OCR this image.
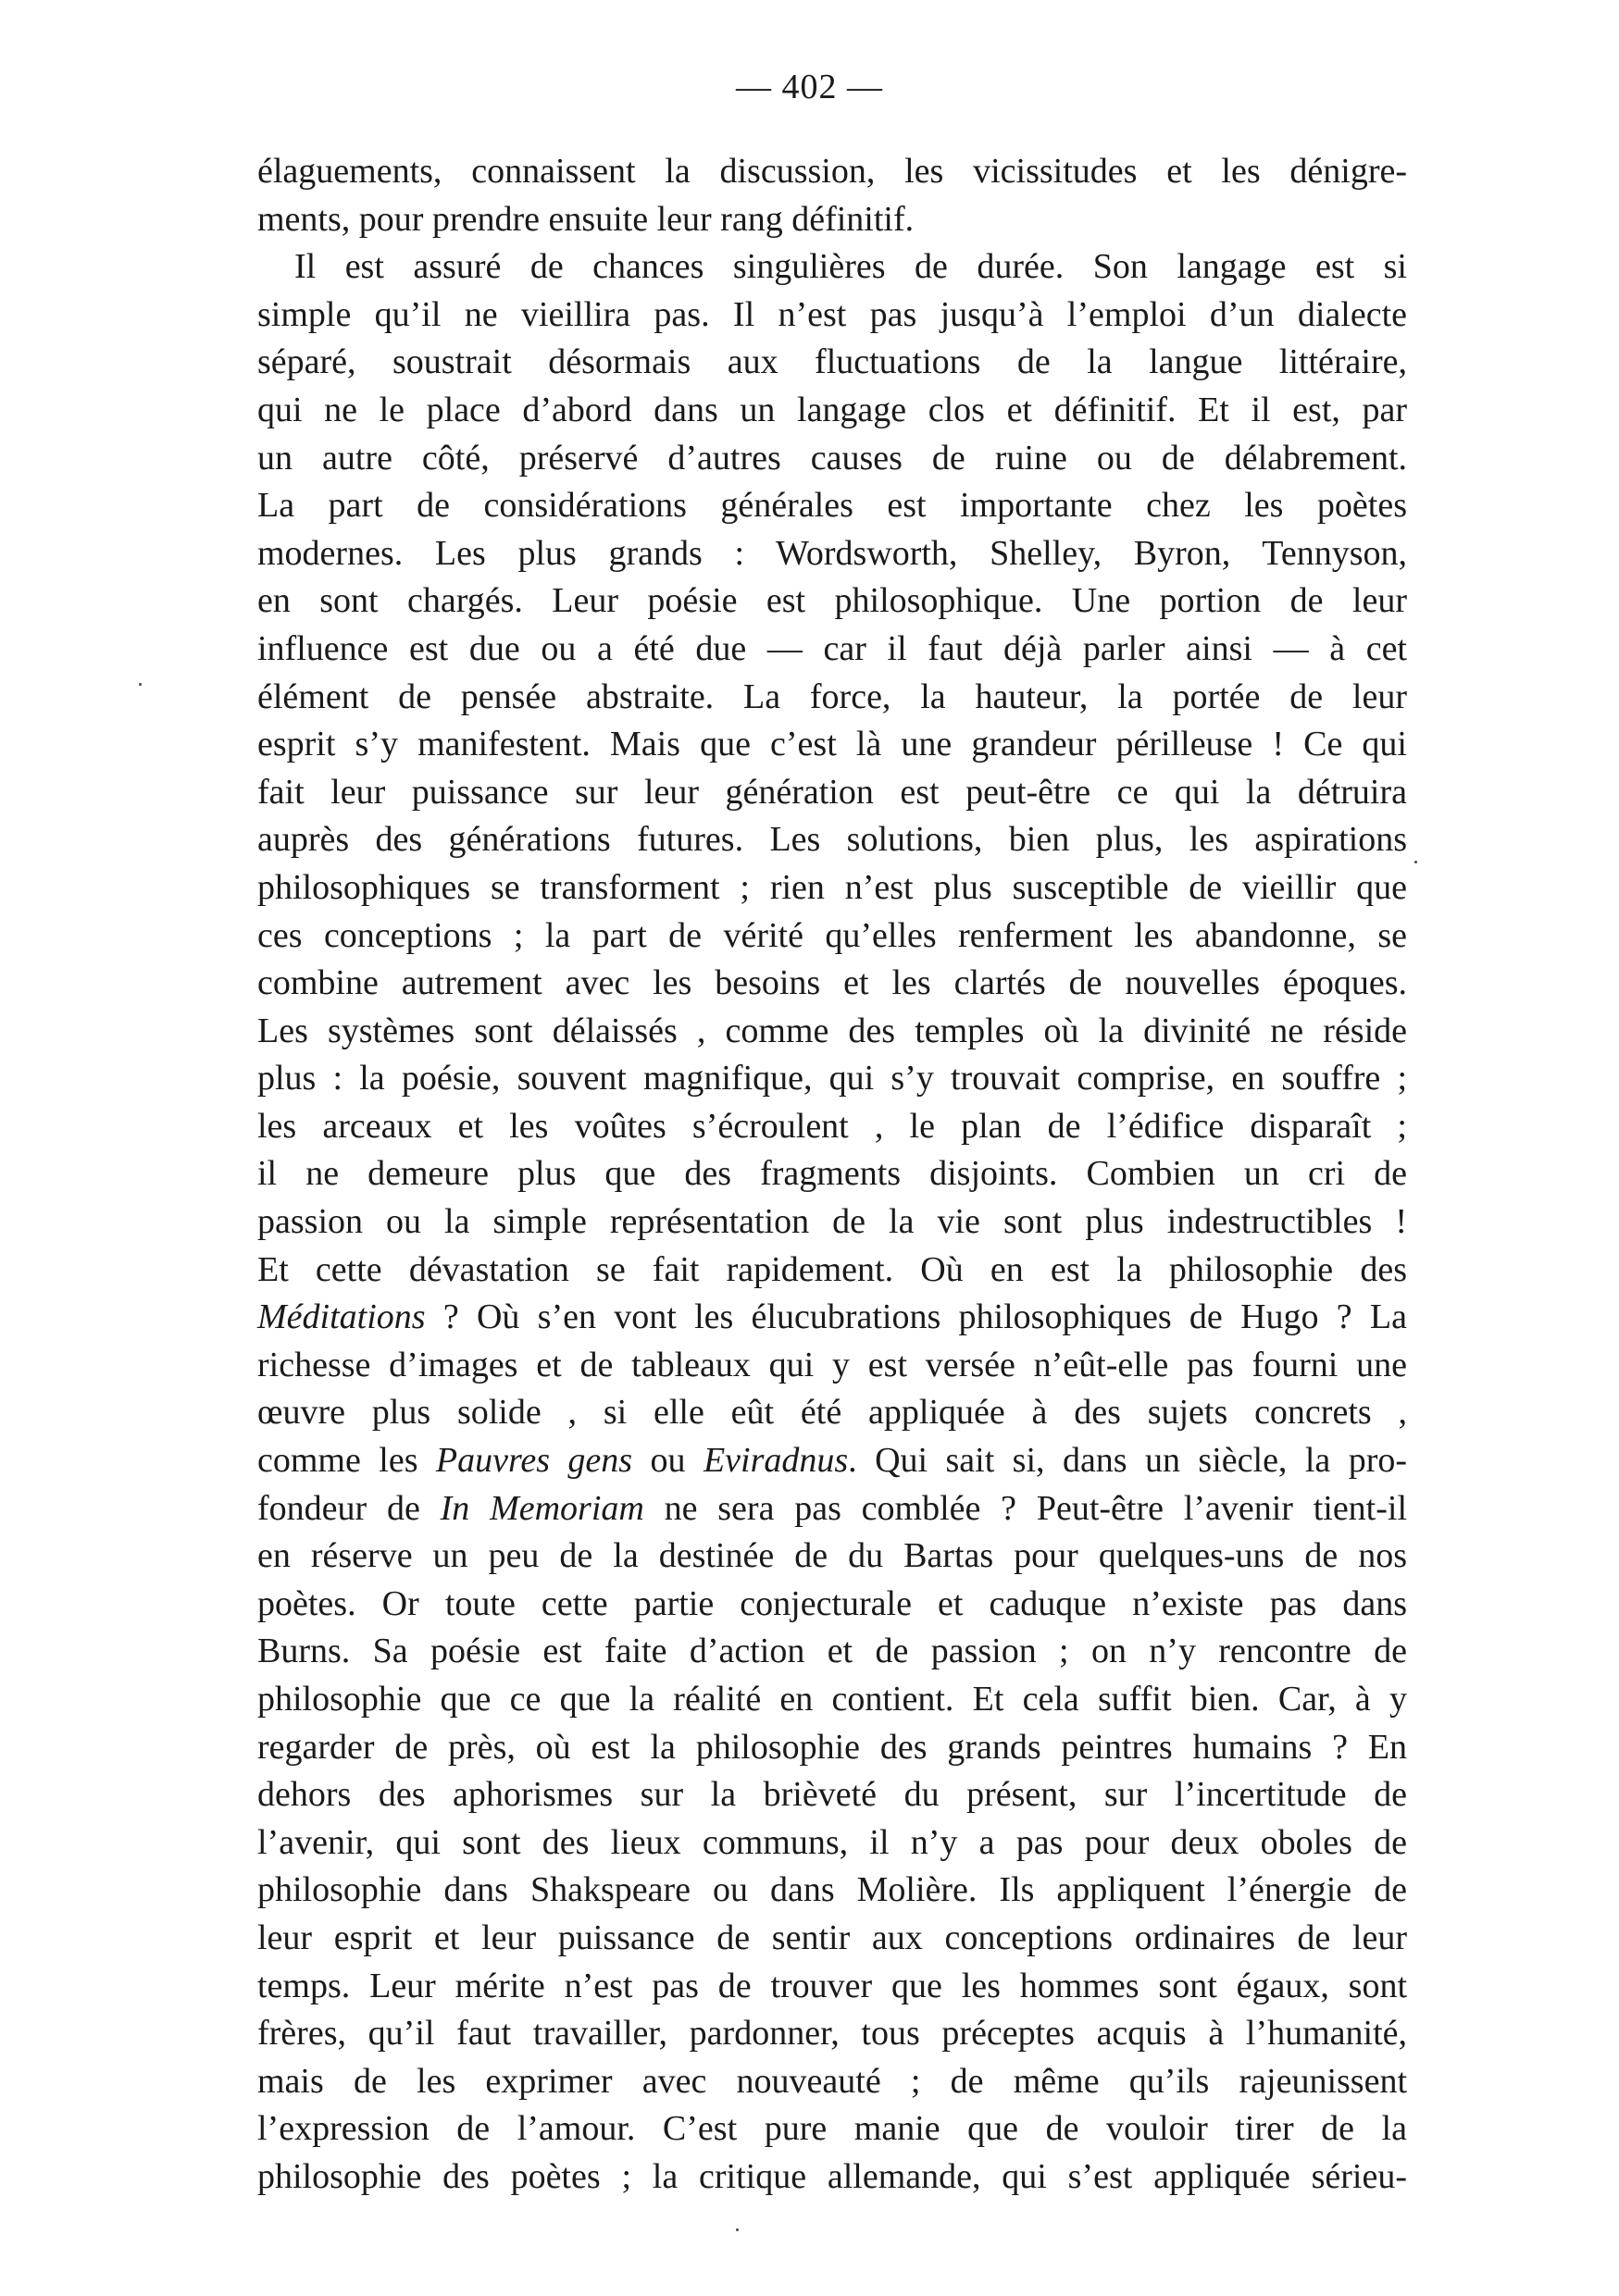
— 402 —
élaguements, connaissent la discussion, les vicissitudes et les dénigre-
ments, pour prendre ensuite leur rang définitif.
Il est assuré de chances singulières de durée. Son langage est si
simple qu’il ne vieillira pas. Il n’est pas jusqu’à l’emploi d’un dialecte
séparé, soustrait désormais aux fluctuations de la langue littéraire,
qui ne le place d’abord dans un langage clos et définitif. Et il est, par
un autre côté, préservé d’autres causes de ruine ou de délabrement.
La part de considérations générales est importante chez les poètes
modernes. Les plus grands : Wordsworth, Shelley, Byron, Tennyson,
en sont chargés. Leur poésie est philosophique. Une portion de leur
influence est due ou a été due — car il faut déjà parler ainsi — à cet
élément de pensée abstraite. La force, la hauteur, la portée de leur
esprit s’y manifestent. Mais que c’est là une grandeur périlleuse ! Ce qui
fait leur puissance sur leur génération est peut-être ce qui la détruira
auprès des générations futures. Les solutions, bien plus, les aspirations
philosophiques se transforment ; rien n’est plus susceptible de vieillir que
ces conceptions ; la part de vérité qu’elles renferment les abandonne, se
combine autrement avec les besoins et les clartés de nouvelles époques.
Les systèmes sont délaissés , comme des temples où la divinité ne réside
plus : la poésie, souvent magnifique, qui s’y trouvait comprise, en souffre ;
les arceaux et les voûtes s’écroulent , le plan de l’édifice disparaît ;
il ne demeure plus que des fragments disjoints. Combien un cri de
passion ou la simple représentation de la vie sont plus indestructibles !
Et cette dévastation se fait rapidement. Où en est la philosophie des
Méditations ? Où s’en vont les élucubrations philosophiques de Hugo ? La
richesse d’images et de tableaux qui y est versée n’eût-elle pas fourni une
œuvre plus solide , si elle eût été appliquée à des sujets concrets ,
comme les Pauvres gens ou Eviradnus. Qui sait si, dans un siècle, la pro-
fondeur de In Memoriam ne sera pas comblée ? Peut-être l’avenir tient-il
en réserve un peu de la destinée de du Bartas pour quelques-uns de nos
poètes. Or toute cette partie conjecturale et caduque n’existe pas dans
Burns. Sa poésie est faite d’action et de passion ; on n’y rencontre de
philosophie que ce que la réalité en contient. Et cela suffit bien. Car, à y
regarder de près, où est la philosophie des grands peintres humains ? En
dehors des aphorismes sur la brièveté du présent, sur l’incertitude de
l’avenir, qui sont des lieux communs, il n’y a pas pour deux oboles de
philosophie dans Shakspeare ou dans Molière. Ils appliquent l’énergie de
leur esprit et leur puissance de sentir aux conceptions ordinaires de leur
temps. Leur mérite n’est pas de trouver que les hommes sont égaux, sont
frères, qu’il faut travailler, pardonner, tous préceptes acquis à l’humanité,
mais de les exprimer avec nouveauté ; de même qu’ils rajeunissent
l’expression de l’amour. C’est pure manie que de vouloir tirer de la
philosophie des poètes ; la critique allemande, qui s’est appliquée sérieu-
